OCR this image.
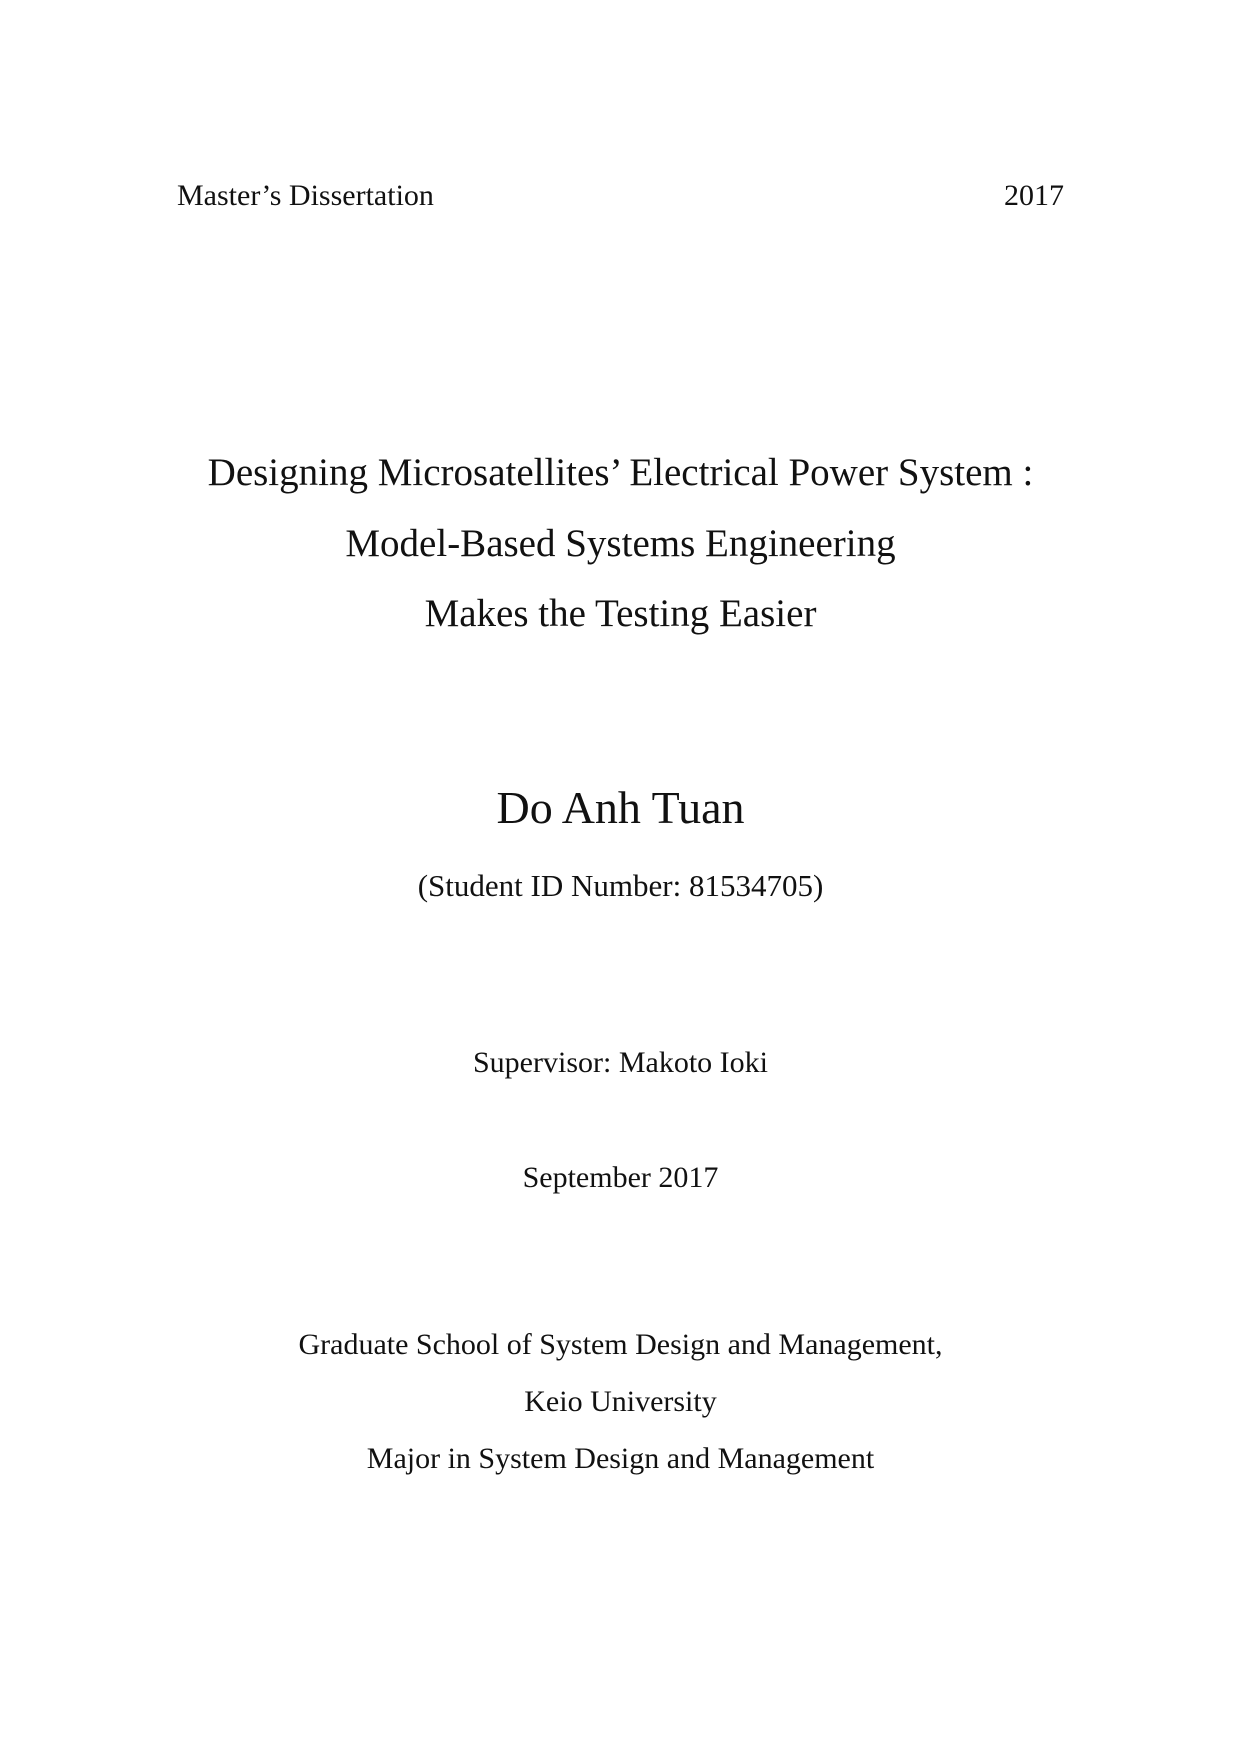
Master’s Dissertation	2017
Designing Microsatellites’ Electrical Power System :
Model-Based Systems Engineering
Makes the Testing Easier
Do Anh Tuan
(Student ID Number: 81534705)
Supervisor: Makoto Ioki
September 2017
Graduate School of System Design and Management,
Keio University
Major in System Design and Management
